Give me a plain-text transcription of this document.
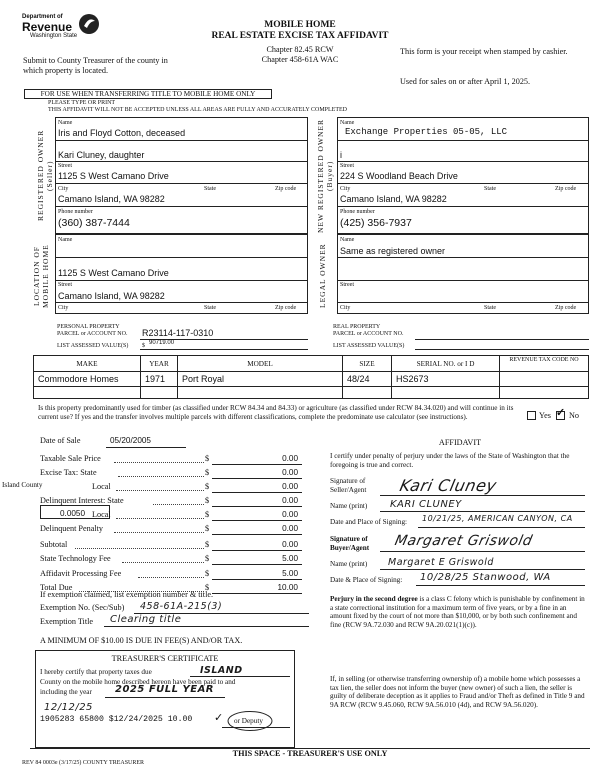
Department of
Revenue
Washington State
Submit to County Treasurer of the county in which property is located.
MOBILE HOME
REAL ESTATE EXCISE TAX AFFIDAVIT
Chapter 82.45 RCW
Chapter 458-61A WAC
This form is your receipt when stamped by cashier.
Used for sales on or after April 1, 2025.
FOR USE WHEN TRANSFERRING TITLE TO MOBILE HOME ONLY
PLEASE TYPE OR PRINT
THIS AFFIDAVIT WILL NOT BE ACCEPTED UNLESS ALL AREAS ARE FULLY AND ACCURATELY COMPLETED
REGISTERED OWNER (Seller)
Name
Iris and Floyd Cotton, deceased
Kari Cluney, daughter
Street
1125 S West Camano Drive
City	State	Zip code
Camano Island, WA 98282
Phone number
(360) 387-7444	NEW REGISTERED OWNER (Buyer)
Name
Exchange Properties 05-05, LLC
i
Street
224 S Woodland Beach Drive
City	State	Zip code
Camano Island, WA 98282
Phone number
(425) 356-7937
LOCATION OF MOBILE HOME
Name
1125 S West Camano Drive
Street
Camano Island, WA 98282
City	State	Zip code	LEGAL OWNER
Name
Same as registered owner
Street
City	State	Zip code
PERSONAL PROPERTY
PARCEL or ACCOUNT NO. R23114-117-0310
LIST ASSESSED VALUE(S) $ 90719.00
REAL PROPERTY
PARCEL or ACCOUNT NO.
LIST ASSESSED VALUE(S)
MAKE	YEAR	MODEL	SIZE	SERIAL NO. or I D	REVENUE TAX CODE NO
Commodore Homes	1971	Port Royal	48/24	HS2673
Is this property predominantly used for timber (as classified under RCW 84.34 and 84.33) or agriculture (as classified under RCW 84.34.020) and will continue in its current use? If yes and the transfer involves multiple parcels with different classifications, complete the predominate use calculator (see instructions).	Yes ✓ No
Date of Sale	05/20/2005
Island County
0.0050
Taxable Sale Price	$	0.00
Excise Tax: State	$	0.00
Local	$	0.00
Delinquent Interest: State	$	0.00
Local	$	0.00
Delinquent Penalty	$	0.00
Subtotal	$	0.00
State Technology Fee	$	5.00
Affidavit Processing Fee	$	5.00
Total Due	$	10.00
If exemption claimed, list exemption number & title.
Exemption No. (Sec/Sub) 458-61A-215(3)
Exemption Title Clearing title
A MINIMUM OF $10.00 IS DUE IN FEE(S) AND/OR TAX.
TREASURER'S CERTIFICATE
I hereby certify that property taxes due	ISLAND
County on the mobile home described hereon have been paid to and
including the year 2025 FULL YEAR
12/12/25
1905283 65800 $12/24/2025 10.00 ✓ or Deputy
AFFIDAVIT
I certify under penalty of perjury under the laws of the State of Washington that the foregoing is true and correct.
Signature of Seller/Agent	Kari Cluney
Name (print) KARI CLUNEY
Date and Place of Signing: 10/21/25, AMERICAN CANYON, CA
Signature of Buyer/Agent	Margaret Griswold
Name (print) Margaret E Griswold
Date & Place of Signing: 10/28/25 Stanwood, WA
Perjury in the second degree is a class C felony which is punishable by confinement in a state correctional institution for a maximum term of five years, or by a fine in an amount fixed by the court of not more than $10,000, or by both such confinement and fine (RCW 9A.72.030 and RCW 9A.20.021(1)(c)).
If, in selling (or otherwise transferring ownership of) a mobile home which possesses a tax lien, the seller does not inform the buyer (new owner) of such a lien, the seller is guilty of deliberate deception as it applies to Fraud and/or Theft as defined in Title 9 and 9A RCW (RCW 9.45.060, RCW 9A.56.010 (4d), and RCW 9A.56.020).
THIS SPACE - TREASURER'S USE ONLY
REV 84 0003e (3/17/25) COUNTY TREASURER
